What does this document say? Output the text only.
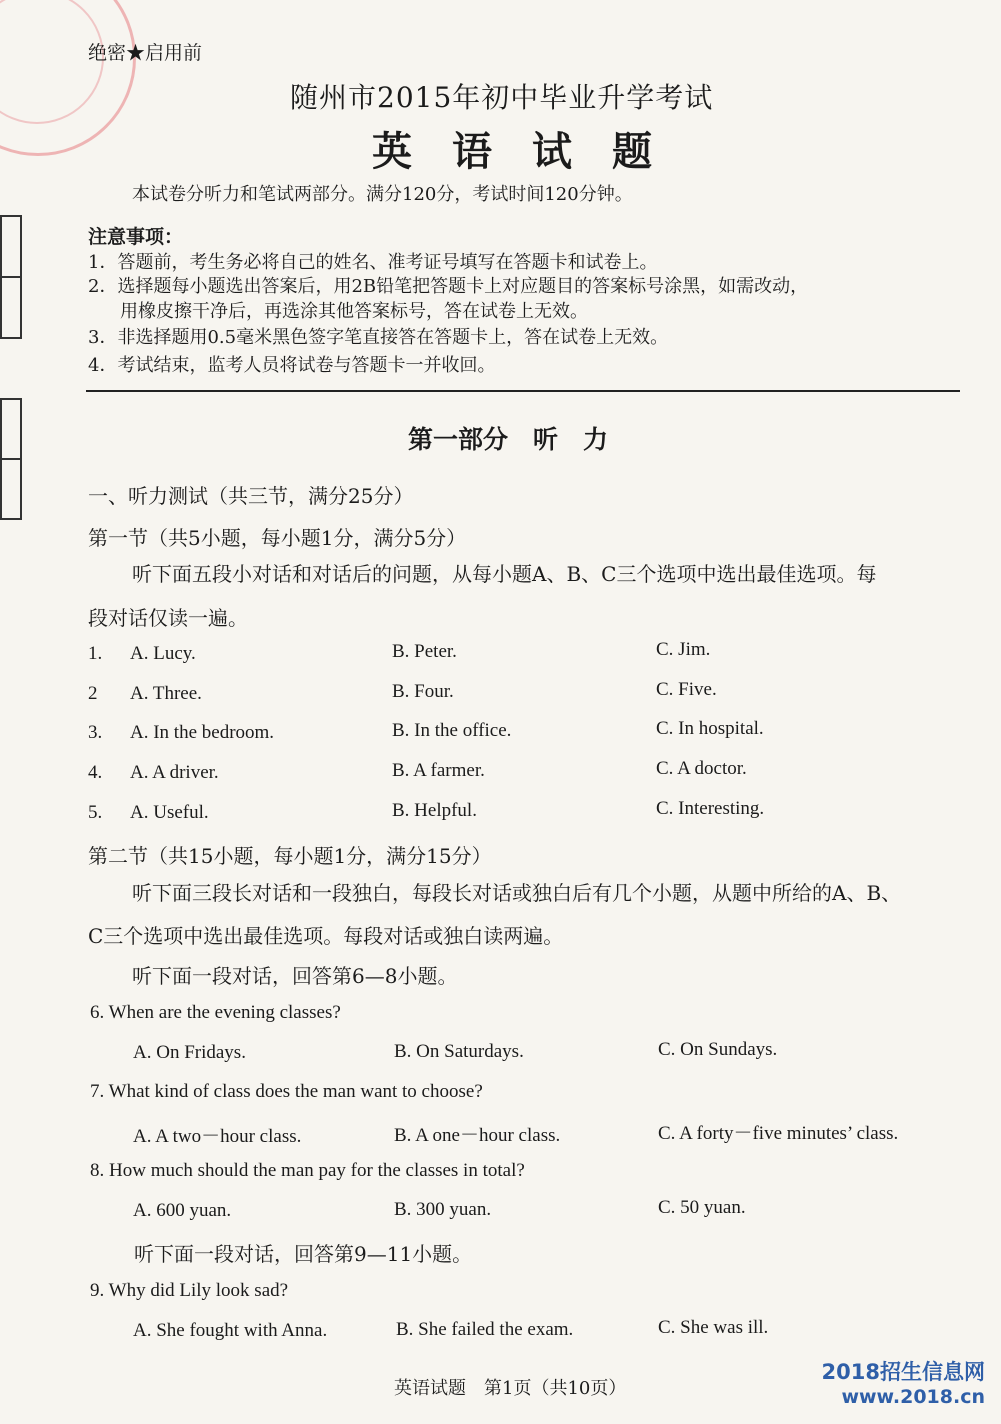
绝密★启用前
随州市2015年初中毕业升学考试
英　语　试　题
本试卷分听力和笔试两部分。满分120分，考试时间120分钟。
注意事项：
1．答题前，考生务必将自己的姓名、准考证号填写在答题卡和试卷上。
2．选择题每小题选出答案后，用2B铅笔把答题卡上对应题目的答案标号涂黑，如需改动，
用橡皮擦干净后，再选涂其他答案标号，答在试卷上无效。
3．非选择题用0.5毫米黑色签字笔直接答在答题卡上，答在试卷上无效。
4．考试结束，监考人员将试卷与答题卡一并收回。
第一部分　听　力
一、听力测试（共三节，满分25分）
第一节（共5小题，每小题1分，满分5分）
听下面五段小对话和对话后的问题，从每小题A、B、C三个选项中选出最佳选项。每
段对话仅读一遍。
1. A. Lucy.	B. Peter.	C. Jim.
2 A. Three.	B. Four.	C. Five.
3. A. In the bedroom.	B. In the office.	C. In hospital.
4. A. A driver.	B. A farmer.	C. A doctor.
5. A. Useful.	B. Helpful.	C. Interesting.
第二节（共15小题，每小题1分，满分15分）
听下面三段长对话和一段独白，每段长对话或独白后有几个小题，从题中所给的A、B、
C三个选项中选出最佳选项。每段对话或独白读两遍。
听下面一段对话，回答第6—8小题。
6. When are the evening classes?
A. On Fridays.	B. On Saturdays.	C. On Sundays.
7. What kind of class does the man want to choose?
A. A two－hour class.	B. A one－hour class.	C. A forty－five minutes’ class.
8. How much should the man pay for the classes in total?
A. 600 yuan.	B. 300 yuan.	C. 50 yuan.
听下面一段对话，回答第9—11小题。
9. Why did Lily look sad?
A. She fought with Anna.	B. She failed the exam.	C. She was ill.
英语试题　第1页（共10页）
2018招生信息网
www.2018.cn
